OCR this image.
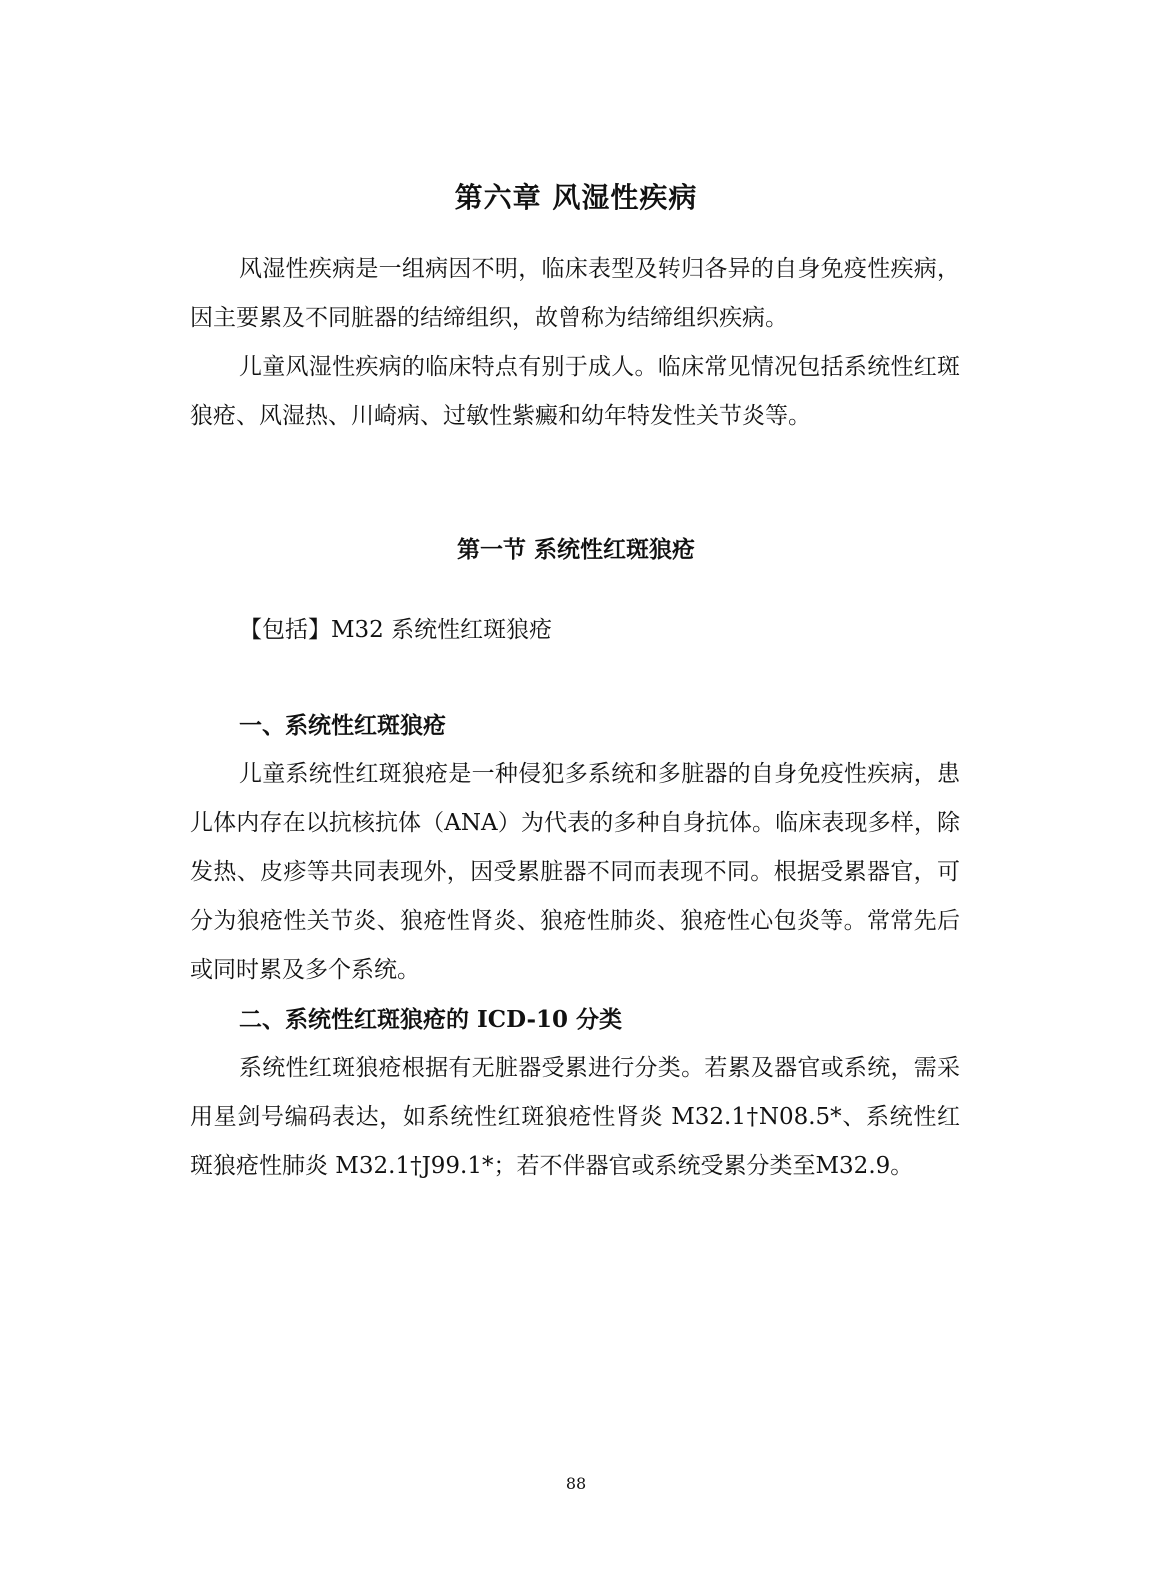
第六章 风湿性疾病

风湿性疾病是一组病因不明，临床表型及转归各异的自身免疫性疾病，因主要累及不同脏器的结缔组织，故曾称为结缔组织疾病。

儿童风湿性疾病的临床特点有别于成人。临床常见情况包括系统性红斑狼疮、风湿热、川崎病、过敏性紫癜和幼年特发性关节炎等。

第一节 系统性红斑狼疮

【包括】M32 系统性红斑狼疮

一、系统性红斑狼疮

儿童系统性红斑狼疮是一种侵犯多系统和多脏器的自身免疫性疾病，患儿体内存在以抗核抗体（ANA）为代表的多种自身抗体。临床表现多样，除发热、皮疹等共同表现外，因受累脏器不同而表现不同。根据受累器官，可分为狼疮性关节炎、狼疮性肾炎、狼疮性肺炎、狼疮性心包炎等。常常先后或同时累及多个系统。

二、系统性红斑狼疮的 ICD-10 分类

系统性红斑狼疮根据有无脏器受累进行分类。若累及器官或系统，需采用星剑号编码表达，如系统性红斑狼疮性肾炎 M32.1†N08.5*、系统性红斑狼疮性肺炎 M32.1†J99.1*；若不伴器官或系统受累分类至M32.9。

88
